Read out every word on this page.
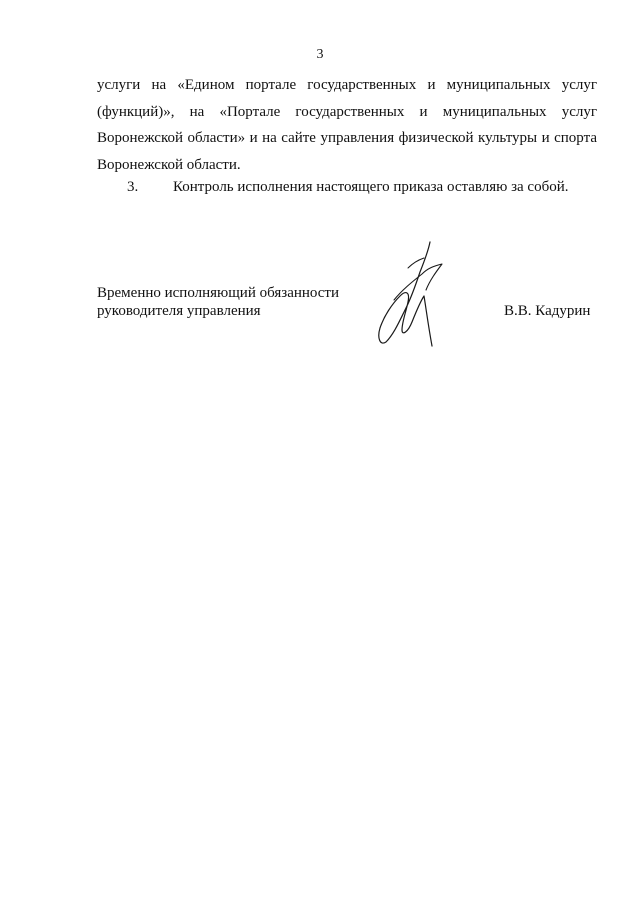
3
услуги на «Едином портале государственных и муниципальных услуг
(функций)», на «Портале государственных и муниципальных услуг
Воронежской области» и на сайте управления физической культуры и спорта
Воронежской области.
3. Контроль исполнения настоящего приказа оставляю за собой.
Временно исполняющий обязанности
руководителя управления	В.В. Кадурин
